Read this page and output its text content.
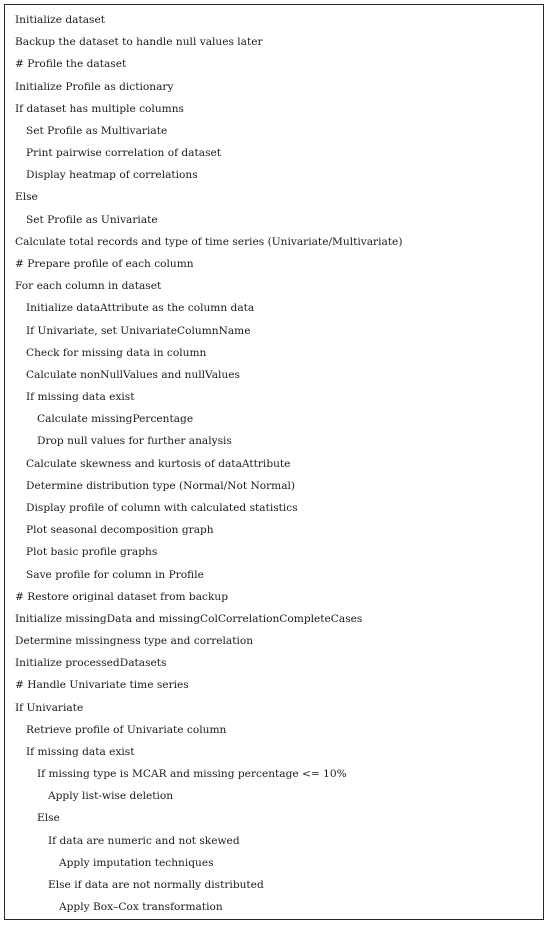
Initialize dataset
Backup the dataset to handle null values later
# Profile the dataset
Initialize Profile as dictionary
If dataset has multiple columns
Set Profile as Multivariate
Print pairwise correlation of dataset
Display heatmap of correlations
Else
Set Profile as Univariate
Calculate total records and type of time series (Univariate/Multivariate)
# Prepare profile of each column
For each column in dataset
Initialize dataAttribute as the column data
If Univariate, set UnivariateColumnName
Check for missing data in column
Calculate nonNullValues and nullValues
If missing data exist
Calculate missingPercentage
Drop null values for further analysis
Calculate skewness and kurtosis of dataAttribute
Determine distribution type (Normal/Not Normal)
Display profile of column with calculated statistics
Plot seasonal decomposition graph
Plot basic profile graphs
Save profile for column in Profile
# Restore original dataset from backup
Initialize missingData and missingColCorrelationCompleteCases
Determine missingness type and correlation
Initialize processedDatasets
# Handle Univariate time series
If Univariate
Retrieve profile of Univariate column
If missing data exist
If missing type is MCAR and missing percentage <= 10%
Apply list-wise deletion
Else
If data are numeric and not skewed
Apply imputation techniques
Else if data are not normally distributed
Apply Box–Cox transformation
